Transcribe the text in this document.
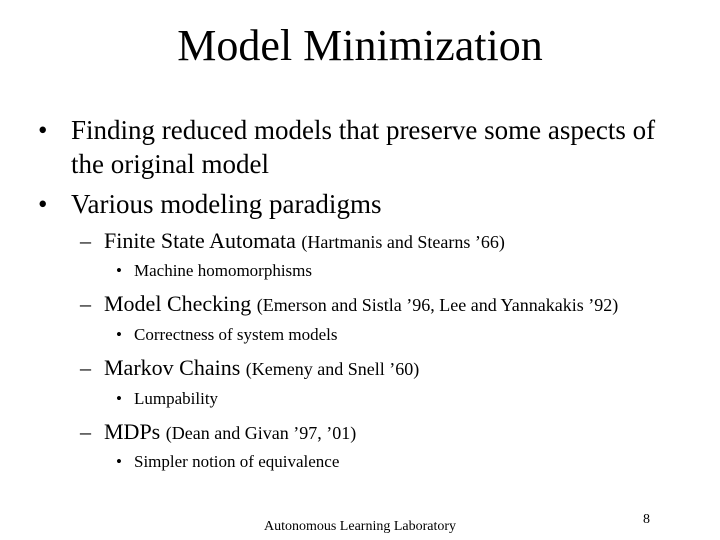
Model Minimization
• Finding reduced models that preserve some aspects of
the original model
• Various modeling paradigms
– Finite State Automata (Hartmanis and Stearns ’66)
• Machine homomorphisms
– Model Checking (Emerson and Sistla ’96, Lee and Yannakakis ’92)
• Correctness of system models
– Markov Chains (Kemeny and Snell ’60)
• Lumpability
– MDPs (Dean and Givan ’97, ’01)
• Simpler notion of equivalence
Autonomous Learning Laboratory	8
